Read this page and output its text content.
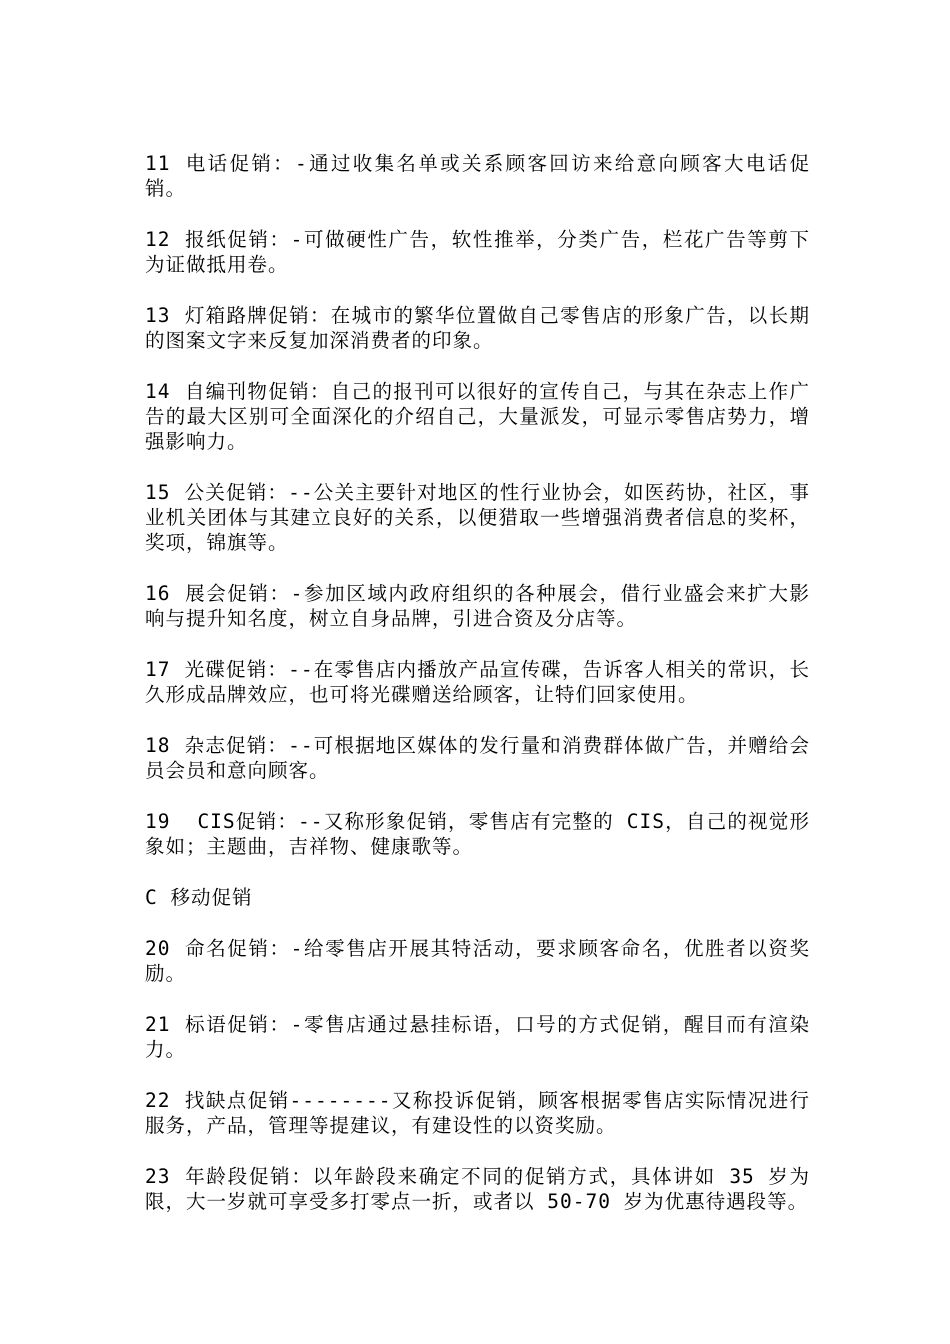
11 电话促销：-通过收集名单或关系顾客回访来给意向顾客大电话促销。

12 报纸促销：-可做硬性广告，软性推举，分类广告，栏花广告等剪下为证做抵用卷。

13 灯箱路牌促销：在城市的繁华位置做自己零售店的形象广告，以长期的图案文字来反复加深消费者的印象。

14 自编刊物促销：自己的报刊可以很好的宣传自己，与其在杂志上作广告的最大区别可全面深化的介绍自己，大量派发，可显示零售店势力，增强影响力。

15 公关促销：--公关主要针对地区的性行业协会，如医药协，社区，事业机关团体与其建立良好的关系，以便猎取一些增强消费者信息的奖杯，奖项，锦旗等。

16 展会促销：-参加区域内政府组织的各种展会，借行业盛会来扩大影响与提升知名度，树立自身品牌，引进合资及分店等。

17 光碟促销：--在零售店内播放产品宣传碟，告诉客人相关的常识，长久形成品牌效应，也可将光碟赠送给顾客，让特们回家使用。

18 杂志促销：--可根据地区媒体的发行量和消费群体做广告，并赠给会员会员和意向顾客。

19 CIS促销：--又称形象促销，零售店有完整的 CIS，自己的视觉形象如；主题曲，吉祥物、健康歌等。

C 移动促销

20 命名促销：-给零售店开展其特活动，要求顾客命名，优胜者以资奖励。

21 标语促销：-零售店通过悬挂标语，口号的方式促销，醒目而有渲染力。

22 找缺点促销--------又称投诉促销，顾客根据零售店实际情况进行服务，产品，管理等提建议，有建设性的以资奖励。

23 年龄段促销：以年龄段来确定不同的促销方式，具体讲如 35 岁为限，大一岁就可享受多打零点一折，或者以 50-70 岁为优惠待遇段等。
